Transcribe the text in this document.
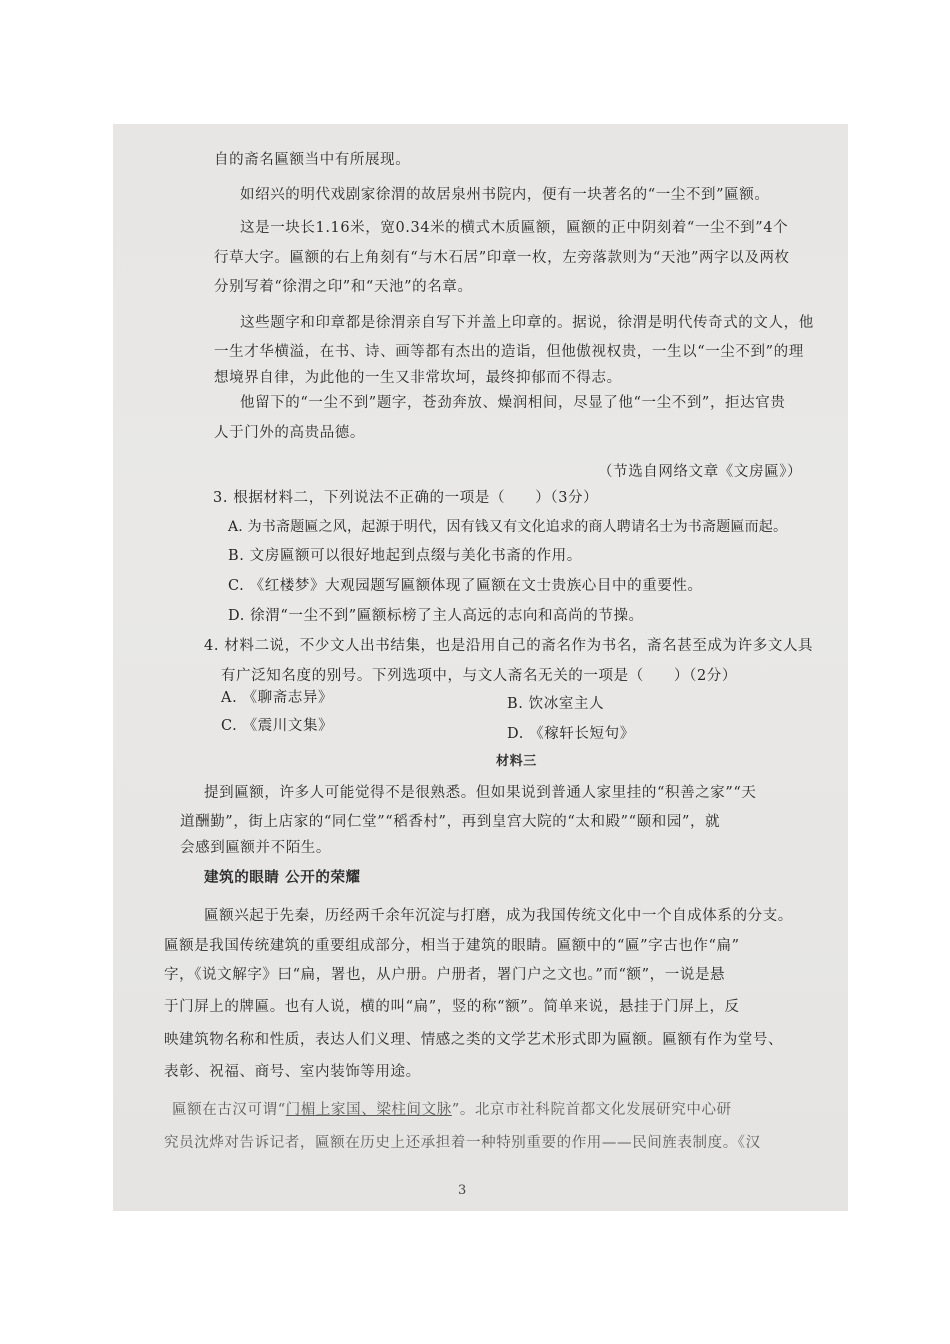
自的斋名匾额当中有所展现。
如绍兴的明代戏剧家徐渭的故居泉州书院内，便有一块著名的“一尘不到”匾额。
这是一块长1.16米，宽0.34米的横式木质匾额，匾额的正中阴刻着“一尘不到”4个
行草大字。匾额的右上角刻有“与木石居”印章一枚，左旁落款则为“天池”两字以及两枚
分别写着“徐渭之印”和“天池”的名章。
这些题字和印章都是徐渭亲自写下并盖上印章的。据说，徐渭是明代传奇式的文人，他
一生才华横溢，在书、诗、画等都有杰出的造诣，但他傲视权贵，一生以“一尘不到”的理
想境界自律，为此他的一生又非常坎坷，最终抑郁而不得志。
他留下的“一尘不到”题字，苍劲奔放、燥润相间，尽显了他“一尘不到”，拒达官贵
人于门外的高贵品德。
（节选自网络文章《文房匾》）
3. 根据材料二，下列说法不正确的一项是（　　）（3分）
A. 为书斋题匾之风，起源于明代，因有钱又有文化追求的商人聘请名士为书斋题匾而起。
B. 文房匾额可以很好地起到点缀与美化书斋的作用。
C. 《红楼梦》大观园题写匾额体现了匾额在文士贵族心目中的重要性。
D. 徐渭“一尘不到”匾额标榜了主人高远的志向和高尚的节操。
4. 材料二说，不少文人出书结集，也是沿用自己的斋名作为书名，斋名甚至成为许多文人具
有广泛知名度的别号。下列选项中，与文人斋名无关的一项是（　　）（2分）
A. 《聊斋志异》	B. 饮冰室主人
C. 《震川文集》	D. 《稼轩长短句》
材料三
提到匾额，许多人可能觉得不是很熟悉。但如果说到普通人家里挂的“积善之家”“天
道酬勤”，街上店家的“同仁堂”“稻香村”，再到皇宫大院的“太和殿”“颐和园”，就
会感到匾额并不陌生。
建筑的眼睛 公开的荣耀
匾额兴起于先秦，历经两千余年沉淀与打磨，成为我国传统文化中一个自成体系的分支。
匾额是我国传统建筑的重要组成部分，相当于建筑的眼睛。匾额中的“匾”字古也作“扁”
字，《说文解字》曰“扁，署也，从户册。户册者，署门户之文也。”而“额”，一说是悬
于门屏上的牌匾。也有人说，横的叫“扁”，竖的称“额”。简单来说，悬挂于门屏上，反
映建筑物名称和性质，表达人们义理、情感之类的文学艺术形式即为匾额。匾额有作为堂号、
表彰、祝福、商号、室内装饰等用途。
匾额在古汉可谓“门楣上家国、梁柱间文脉”。北京市社科院首都文化发展研究中心研
究员沈烨对告诉记者，匾额在历史上还承担着一种特别重要的作用——民间旌表制度。《汉
3
